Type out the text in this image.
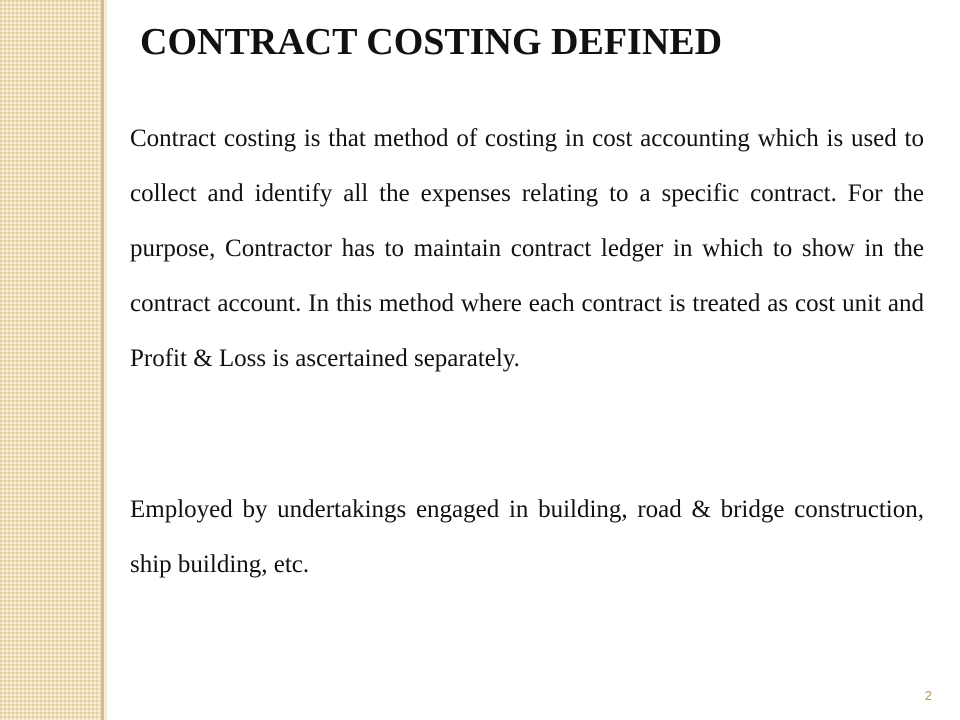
CONTRACT COSTING DEFINED

Contract costing is that method of costing in cost accounting which is used to collect and identify all the expenses relating to a specific contract. For the purpose, Contractor has to maintain contract ledger in which to show in the contract account. In this method where each contract is treated as cost unit and Profit & Loss is ascertained separately.

Employed by undertakings engaged in building, road & bridge construction, ship building, etc.

2
